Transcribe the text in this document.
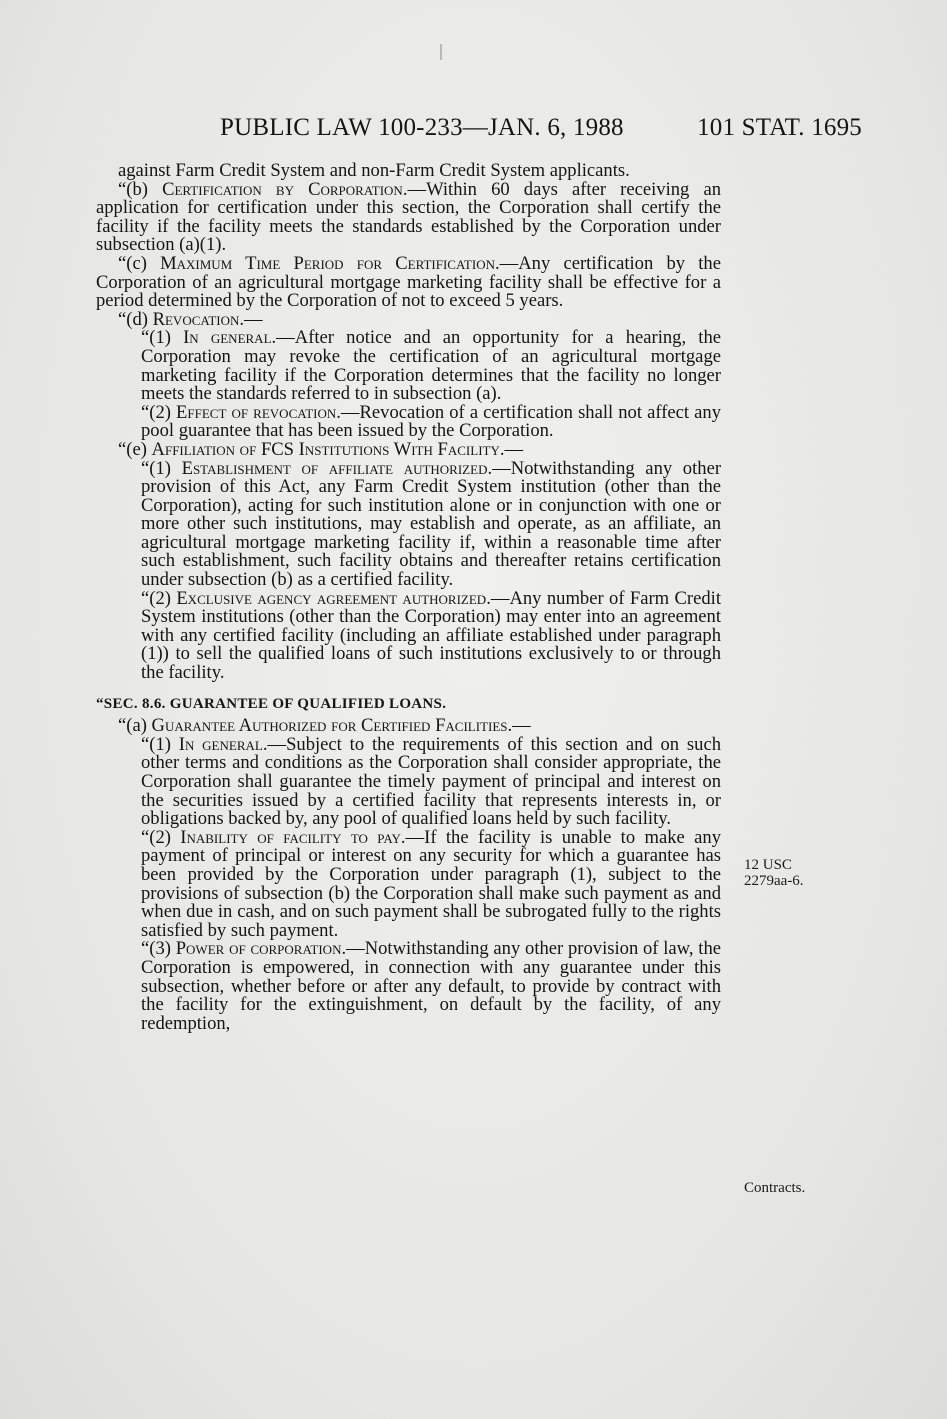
PUBLIC LAW 100-233—JAN. 6, 1988	101 STAT. 1695

against Farm Credit System and non-Farm Credit System applicants.

“(b) Certification by Corporation.—Within 60 days after receiving an application for certification under this section, the Corporation shall certify the facility if the facility meets the standards established by the Corporation under subsection (a)(1).

“(c) Maximum Time Period for Certification.—Any certification by the Corporation of an agricultural mortgage marketing facility shall be effective for a period determined by the Corporation of not to exceed 5 years.

“(d) Revocation.—

“(1) In general.—After notice and an opportunity for a hearing, the Corporation may revoke the certification of an agricultural mortgage marketing facility if the Corporation determines that the facility no longer meets the standards referred to in subsection (a).

“(2) Effect of revocation.—Revocation of a certification shall not affect any pool guarantee that has been issued by the Corporation.

“(e) Affiliation of FCS Institutions With Facility.—

“(1) Establishment of affiliate authorized.—Notwithstanding any other provision of this Act, any Farm Credit System institution (other than the Corporation), acting for such institution alone or in conjunction with one or more other such institutions, may establish and operate, as an affiliate, an agricultural mortgage marketing facility if, within a reasonable time after such establishment, such facility obtains and thereafter retains certification under subsection (b) as a certified facility.

“(2) Exclusive agency agreement authorized.—Any number of Farm Credit System institutions (other than the Corporation) may enter into an agreement with any certified facility (including an affiliate established under paragraph (1)) to sell the qualified loans of such institutions exclusively to or through the facility.

“SEC. 8.6. GUARANTEE OF QUALIFIED LOANS.

“(a) Guarantee Authorized for Certified Facilities.—

“(1) In general.—Subject to the requirements of this section and on such other terms and conditions as the Corporation shall consider appropriate, the Corporation shall guarantee the timely payment of principal and interest on the securities issued by a certified facility that represents interests in, or obligations backed by, any pool of qualified loans held by such facility.

“(2) Inability of facility to pay.—If the facility is unable to make any payment of principal or interest on any security for which a guarantee has been provided by the Corporation under paragraph (1), subject to the provisions of subsection (b) the Corporation shall make such payment as and when due in cash, and on such payment shall be subrogated fully to the rights satisfied by such payment.

“(3) Power of corporation.—Notwithstanding any other provision of law, the Corporation is empowered, in connection with any guarantee under this subsection, whether before or after any default, to provide by contract with the facility for the extinguishment, on default by the facility, of any redemption,

12 USC 2279aa-6.
Contracts.
